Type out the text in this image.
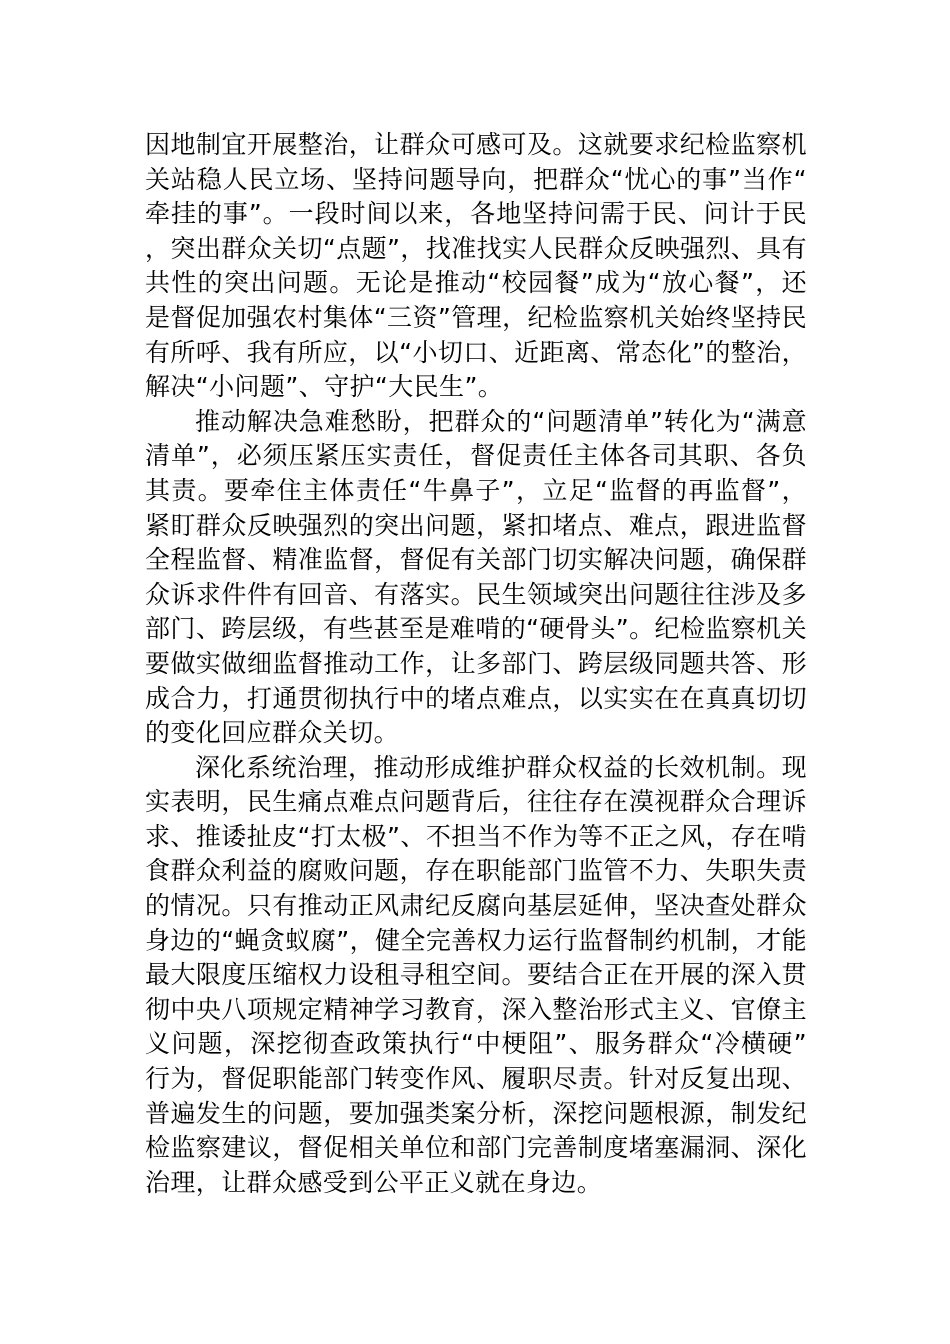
因地制宜开展整治，让群众可感可及。这就要求纪检监察机关站稳人民立场、坚持问题导向，把群众“忧心的事”当作“牵挂的事”。一段时间以来，各地坚持问需于民、问计于民，突出群众关切“点题”，找准找实人民群众反映强烈、具有共性的突出问题。无论是推动“校园餐”成为“放心餐”，还是督促加强农村集体“三资”管理，纪检监察机关始终坚持民有所呼、我有所应，以“小切口、近距离、常态化”的整治，解决“小问题”、守护“大民生”。

推动解决急难愁盼，把群众的“问题清单”转化为“满意清单”，必须压紧压实责任，督促责任主体各司其职、各负其责。要牵住主体责任“牛鼻子”，立足“监督的再监督”，紧盯群众反映强烈的突出问题，紧扣堵点、难点，跟进监督全程监督、精准监督，督促有关部门切实解决问题，确保群众诉求件件有回音、有落实。民生领域突出问题往往涉及多部门、跨层级，有些甚至是难啃的“硬骨头”。纪检监察机关要做实做细监督推动工作，让多部门、跨层级同题共答、形成合力，打通贯彻执行中的堵点难点，以实实在在真真切切的变化回应群众关切。

深化系统治理，推动形成维护群众权益的长效机制。现实表明，民生痛点难点问题背后，往往存在漠视群众合理诉求、推诿扯皮“打太极”、不担当不作为等不正之风，存在啃食群众利益的腐败问题，存在职能部门监管不力、失职失责的情况。只有推动正风肃纪反腐向基层延伸，坚决查处群众身边的“蝇贪蚁腐”，健全完善权力运行监督制约机制，才能最大限度压缩权力设租寻租空间。要结合正在开展的深入贯彻中央八项规定精神学习教育，深入整治形式主义、官僚主义问题，深挖彻查政策执行“中梗阻”、服务群众“冷横硬”行为，督促职能部门转变作风、履职尽责。针对反复出现、普遍发生的问题，要加强类案分析，深挖问题根源，制发纪检监察建议，督促相关单位和部门完善制度堵塞漏洞、深化治理，让群众感受到公平正义就在身边。
